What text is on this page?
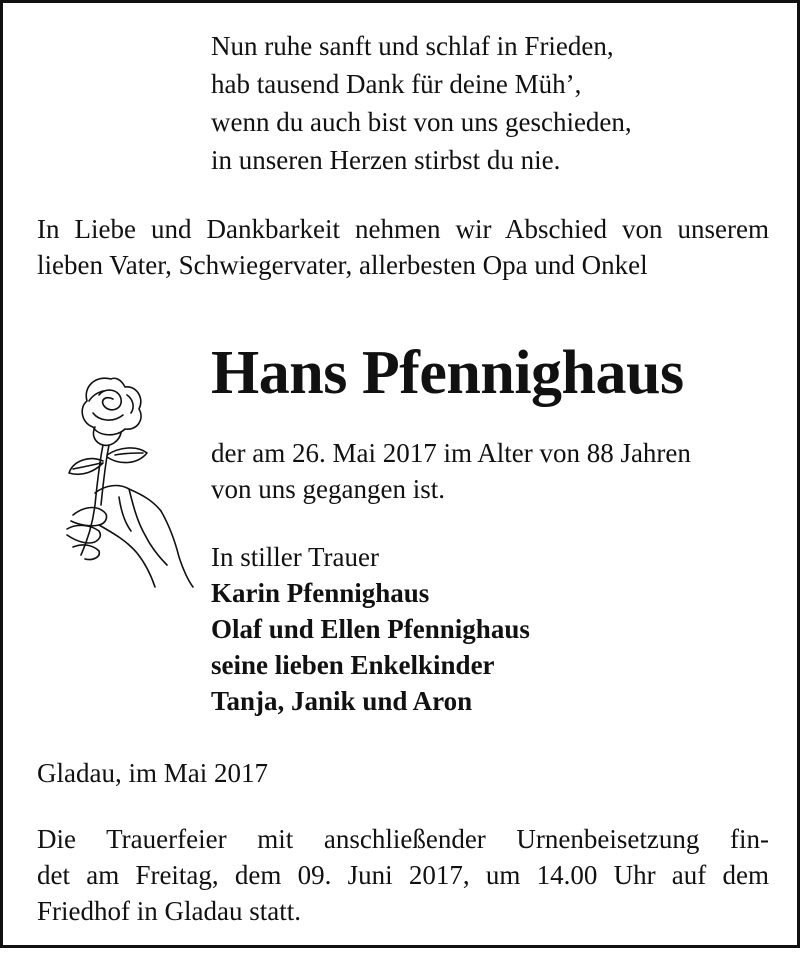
Nun ruhe sanft und schlaf in Frieden,
hab tausend Dank für deine Müh’,
wenn du auch bist von uns geschieden,
in unseren Herzen stirbst du nie.
In Liebe und Dankbarkeit nehmen wir Abschied von unserem lieben Vater, Schwiegervater, allerbesten Opa und Onkel
Hans Pfennighaus
der am 26. Mai 2017 im Alter von 88 Jahren
von uns gegangen ist.
In stiller Trauer
Karin Pfennighaus
Olaf und Ellen Pfennighaus
seine lieben Enkelkinder
Tanja, Janik und Aron
Gladau, im Mai 2017
Die Trauerfeier mit anschließender Urnenbeisetzung fin-
det am Freitag, dem 09. Juni 2017, um 14.00 Uhr auf dem
Friedhof in Gladau statt.
